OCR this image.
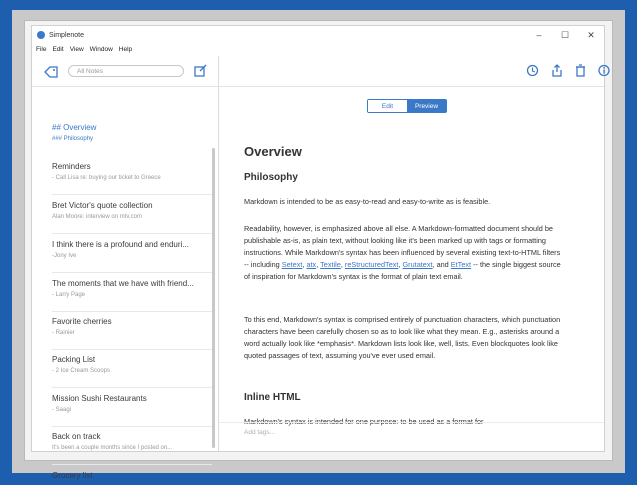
Simplenote	–	☐	✕
File Edit View Window Help
All Notes
## Overview
### Philosophy
Reminders
- Call Lisa re: buying our ticket to Greece
Bret Victor's quote collection
Alan Moore: interview on mtv.com
I think there is a profound and enduri...
-Jony Ive
The moments that we have with friend...
- Larry Page
Favorite cherries
- Rainier
Packing List
- 2 Ice Cream Scoops
Mission Sushi Restaurants
- Saagi
Back on track
It's been a couple months since I posted on...
Grocery list
Edit	Preview
Overview
Philosophy
Markdown is intended to be as easy-to-read and easy-to-write as is feasible.
Readability, however, is emphasized above all else. A Markdown-formatted document should be publishable as-is, as plain text, without looking like it's been marked up with tags or formatting instructions. While Markdown's syntax has been influenced by several existing text-to-HTML filters -- including Setext, atx, Textile, reStructuredText, Grutatext, and EtText -- the single biggest source of inspiration for Markdown's syntax is the format of plain text email.
To this end, Markdown's syntax is comprised entirely of punctuation characters, which punctuation characters have been carefully chosen so as to look like what they mean. E.g., asterisks around a word actually look like *emphasis*. Markdown lists look like, well, lists. Even blockquotes look like quoted passages of text, assuming you've ever used email.
Inline HTML
Add tags...
